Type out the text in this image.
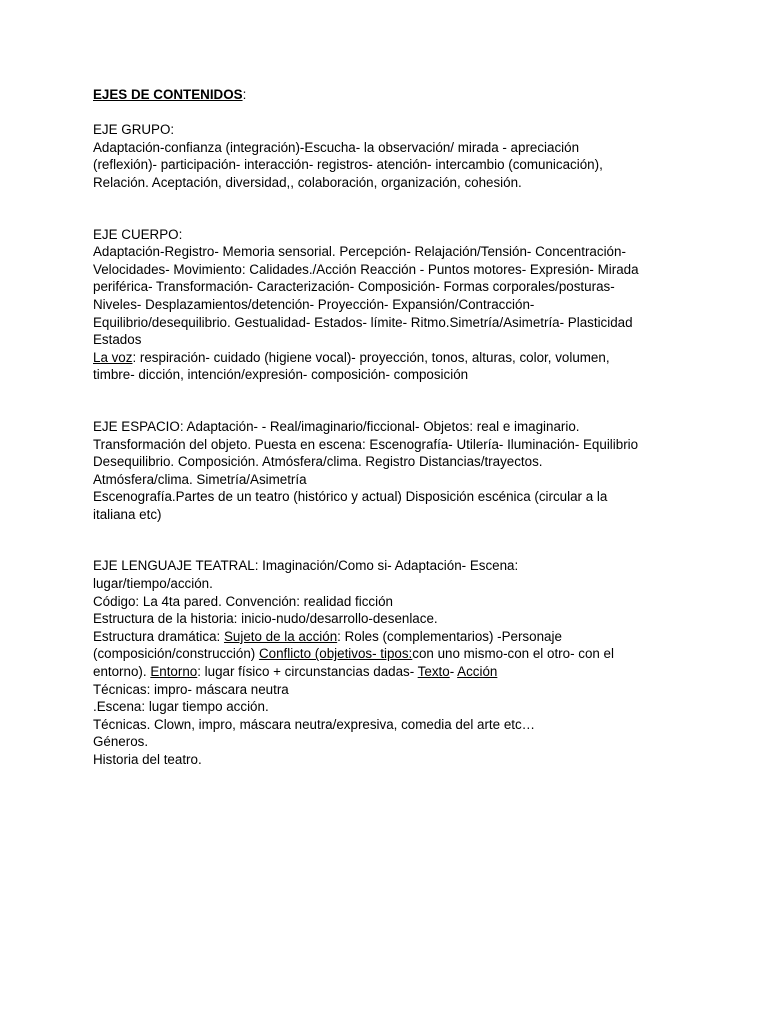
EJES DE CONTENIDOS:
EJE GRUPO:
Adaptación-confianza (integración)-Escucha- la observación/ mirada - apreciación
(reflexión)- participación- interacción- registros- atención- intercambio (comunicación),
Relación. Aceptación, diversidad,, colaboración, organización, cohesión.
EJE CUERPO:
Adaptación-Registro- Memoria sensorial. Percepción- Relajación/Tensión- Concentración-
Velocidades- Movimiento: Calidades./Acción Reacción - Puntos motores- Expresión- Mirada
periférica- Transformación- Caracterización- Composición- Formas corporales/posturas-
Niveles- Desplazamientos/detención- Proyección- Expansión/Contracción-
Equilibrio/desequilibrio. Gestualidad- Estados- límite- Ritmo.Simetría/Asimetría- Plasticidad
Estados
La voz: respiración- cuidado (higiene vocal)- proyección, tonos, alturas, color, volumen,
timbre- dicción, intención/expresión- composición- composición
EJE ESPACIO: Adaptación- - Real/imaginario/ficcional- Objetos: real e imaginario.
Transformación del objeto. Puesta en escena: Escenografía- Utilería- Iluminación- Equilibrio
Desequilibrio. Composición. Atmósfera/clima. Registro Distancias/trayectos.
Atmósfera/clima. Simetría/Asimetría
Escenografía.Partes de un teatro (histórico y actual) Disposición escénica (circular a la
italiana etc)
EJE LENGUAJE TEATRAL: Imaginación/Como si- Adaptación- Escena:
lugar/tiempo/acción.
Código: La 4ta pared. Convención: realidad ficción
Estructura de la historia: inicio-nudo/desarrollo-desenlace.
Estructura dramática: Sujeto de la acción: Roles (complementarios) -Personaje
(composición/construcción) Conflicto (objetivos- tipos:con uno mismo-con el otro- con el
entorno). Entorno: lugar físico + circunstancias dadas- Texto- Acción
Técnicas: impro- máscara neutra
.Escena: lugar tiempo acción.
Técnicas. Clown, impro, máscara neutra/expresiva, comedia del arte etc…
Géneros.
Historia del teatro.
